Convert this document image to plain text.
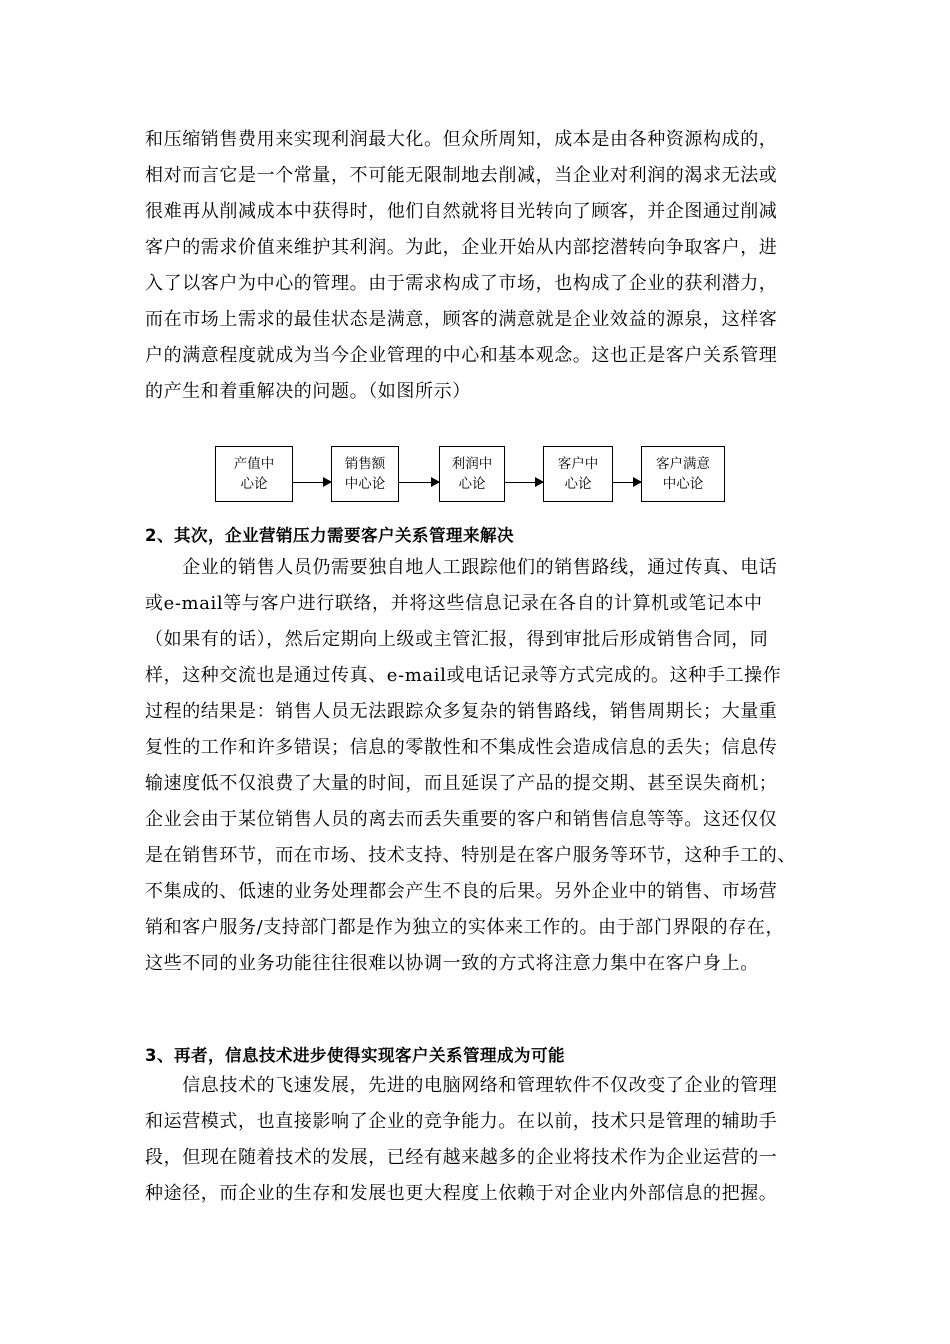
和压缩销售费用来实现利润最大化。但众所周知，成本是由各种资源构成的，
相对而言它是一个常量，不可能无限制地去削减，当企业对利润的渴求无法或
很难再从削减成本中获得时，他们自然就将目光转向了顾客，并企图通过削减
客户的需求价值来维护其利润。为此，企业开始从内部挖潜转向争取客户，进
入了以客户为中心的管理。由于需求构成了市场，也构成了企业的获利潜力，
而在市场上需求的最佳状态是满意，顾客的满意就是企业效益的源泉，这样客
户的满意程度就成为当今企业管理的中心和基本观念。这也正是客户关系管理
的产生和着重解决的问题。（如图所示）
产值中
心论
销售额
中心论
利润中
心论
客户中
心论
客户满意
中心论
2、其次，企业营销压力需要客户关系管理来解决
　　企业的销售人员仍需要独自地人工跟踪他们的销售路线，通过传真、电话
或e-mail等与客户进行联络，并将这些信息记录在各自的计算机或笔记本中
（如果有的话），然后定期向上级或主管汇报，得到审批后形成销售合同，同
样，这种交流也是通过传真、e-mail或电话记录等方式完成的。这种手工操作
过程的结果是：销售人员无法跟踪众多复杂的销售路线，销售周期长；大量重
复性的工作和许多错误；信息的零散性和不集成性会造成信息的丢失；信息传
输速度低不仅浪费了大量的时间，而且延误了产品的提交期、甚至误失商机；
企业会由于某位销售人员的离去而丢失重要的客户和销售信息等等。这还仅仅
是在销售环节，而在市场、技术支持、特别是在客户服务等环节，这种手工的、
不集成的、低速的业务处理都会产生不良的后果。另外企业中的销售、市场营
销和客户服务/支持部门都是作为独立的实体来工作的。由于部门界限的存在，
这些不同的业务功能往往很难以协调一致的方式将注意力集中在客户身上。
3、再者，信息技术进步使得实现客户关系管理成为可能
　　信息技术的飞速发展，先进的电脑网络和管理软件不仅改变了企业的管理
和运营模式，也直接影响了企业的竞争能力。在以前，技术只是管理的辅助手
段，但现在随着技术的发展，已经有越来越多的企业将技术作为企业运营的一
种途径，而企业的生存和发展也更大程度上依赖于对企业内外部信息的把握。
